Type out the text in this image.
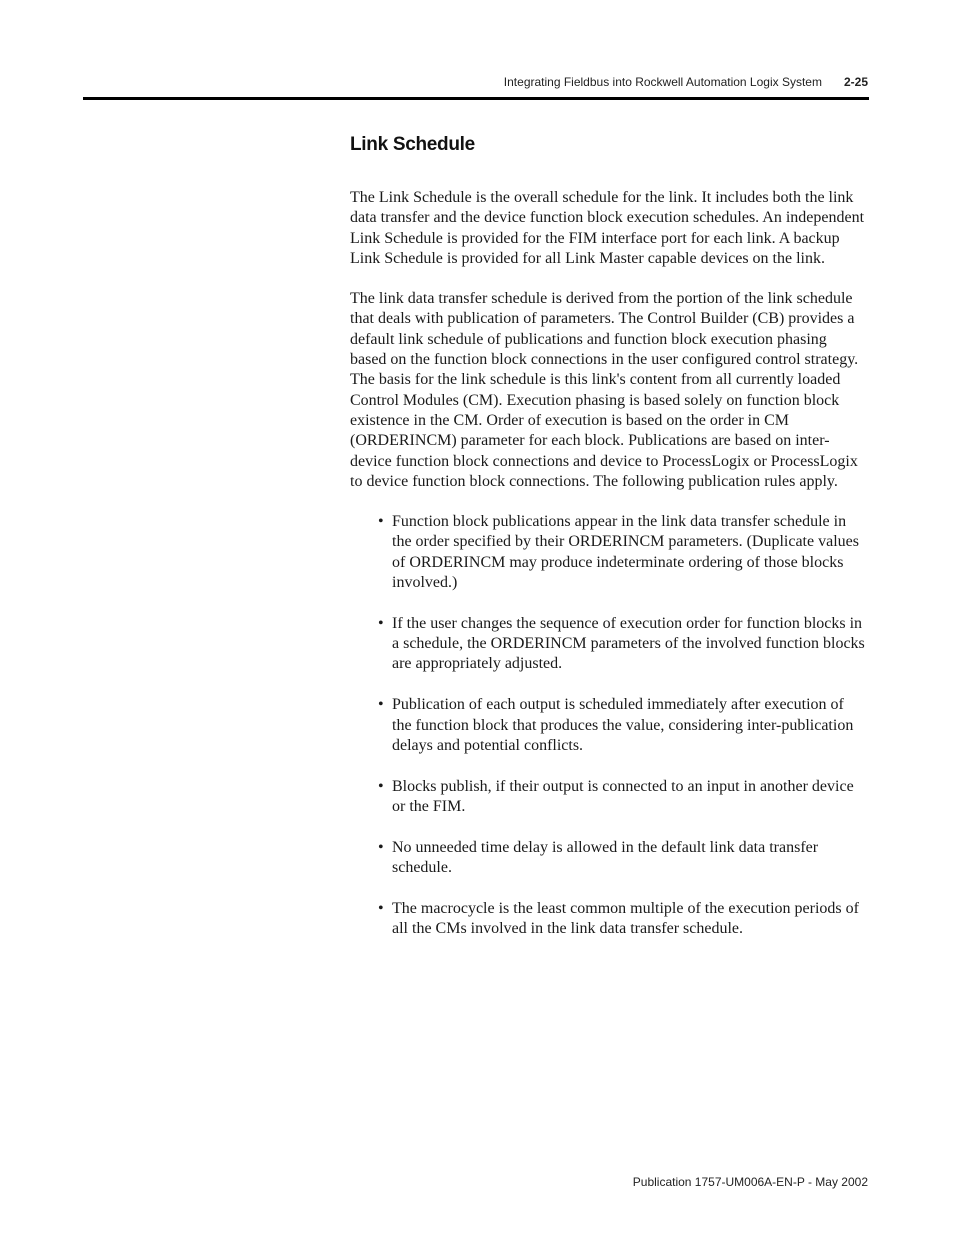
Integrating Fieldbus into Rockwell Automation Logix System 2-25
Link Schedule

The Link Schedule is the overall schedule for the link. It includes both the link data transfer and the device function block execution schedules. An independent Link Schedule is provided for the FIM interface port for each link. A backup Link Schedule is provided for all Link Master capable devices on the link.

The link data transfer schedule is derived from the portion of the link schedule that deals with publication of parameters. The Control Builder (CB) provides a default link schedule of publications and function block execution phasing based on the function block connections in the user configured control strategy. The basis for the link schedule is this link's content from all currently loaded Control Modules (CM). Execution phasing is based solely on function block existence in the CM. Order of execution is based on the order in CM (ORDERINCM) parameter for each block. Publications are based on inter-device function block connections and device to ProcessLogix or ProcessLogix to device function block connections. The following publication rules apply.

• Function block publications appear in the link data transfer schedule in the order specified by their ORDERINCM parameters. (Duplicate values of ORDERINCM may produce indeterminate ordering of those blocks involved.)
• If the user changes the sequence of execution order for function blocks in a schedule, the ORDERINCM parameters of the involved function blocks are appropriately adjusted.
• Publication of each output is scheduled immediately after execution of the function block that produces the value, considering inter-publication delays and potential conflicts.
• Blocks publish, if their output is connected to an input in another device or the FIM.
• No unneeded time delay is allowed in the default link data transfer schedule.
• The macrocycle is the least common multiple of the execution periods of all the CMs involved in the link data transfer schedule.
Publication 1757-UM006A-EN-P - May 2002
